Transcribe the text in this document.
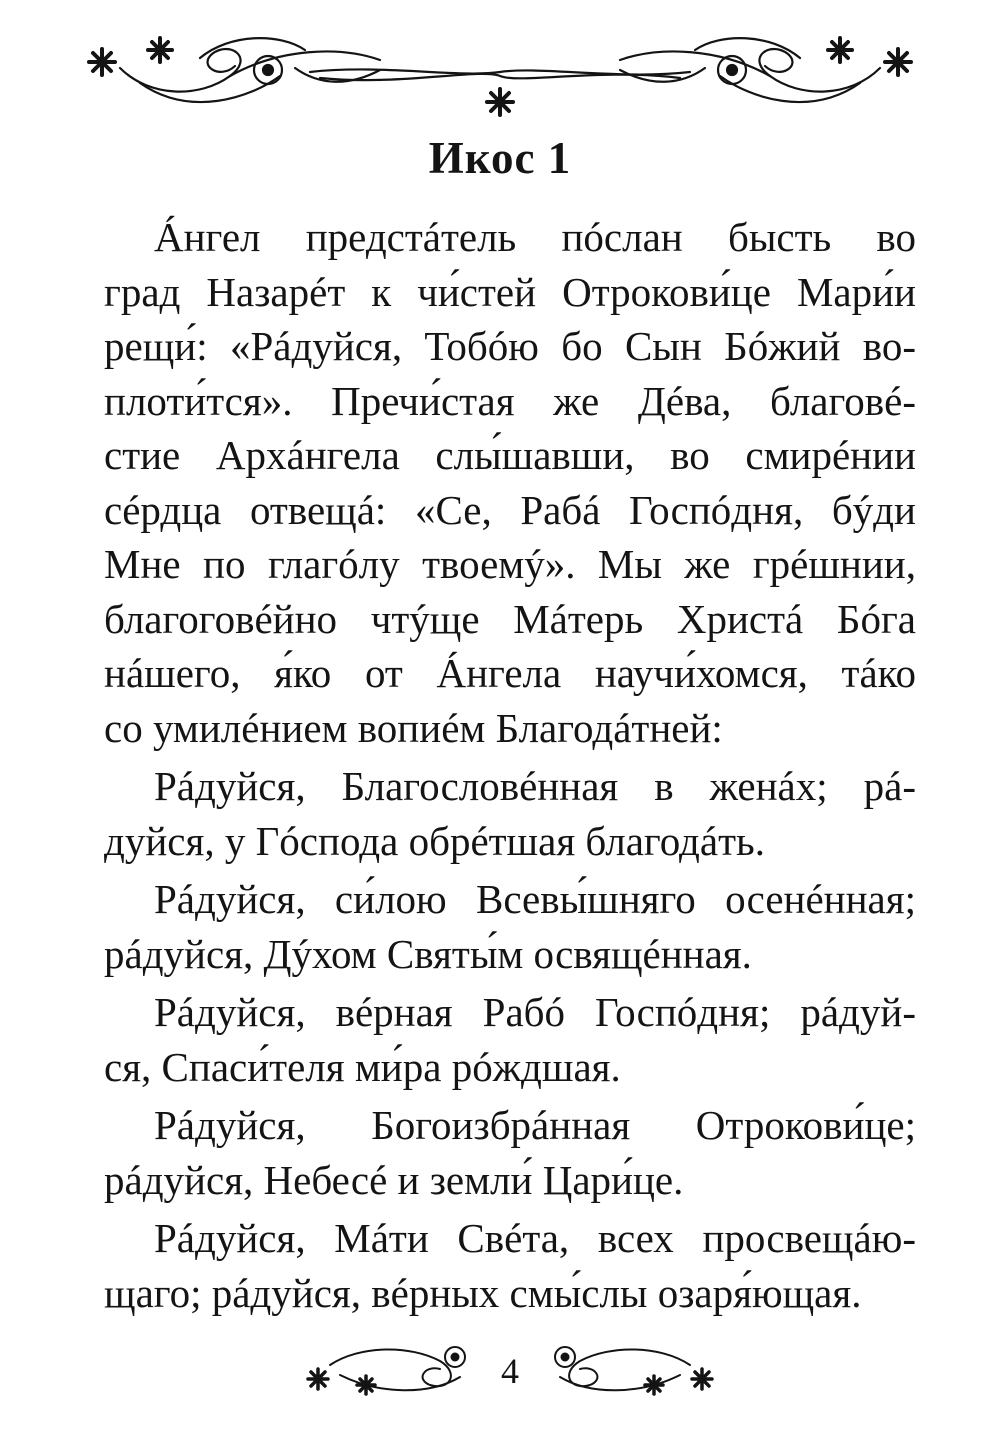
Икос 1
Áнгел предстáтель пóслан бысть во
град Назарéт к чи́стей Отрокови́це Мари́и
рещи́: «Рáдуйся, Тобóю бо Сын Бóжий во-
плоти́тся». Пречи́стая же Дéва, благовé-
стие Архáнгела слы́шавши, во смирéнии
сéрдца отвещá: «Се, Рабá Госпóдня, бýди
Мне по глагóлу твоемý». Мы же грéшнии,
благоговéйно чтýще Мáтерь Христá Бóга
нáшего, я́ко от Áнгела научи́хомся, тáко
со умилéнием вопиéм Благодáтней:
Рáдуйся, Благословéнная в женáх; рá-
дуйся, у Гóспода обрéтшая благодáть.
Рáдуйся, си́лою Всевы́шняго осенéнная;
рáдуйся, Дýхом Святы́м освящéнная.
Рáдуйся, вéрная Рабó Госпóдня; рáдуй-
ся, Спаси́теля ми́ра рóждшая.
Рáдуйся, Богоизбрáнная Отрокови́це;
рáдуйся, Небесé и земли́ Цари́це.
Рáдуйся, Мáти Свéта, всех просвещáю-
щаго; рáдуйся, вéрных смы́слы озаря́ющая.
4
